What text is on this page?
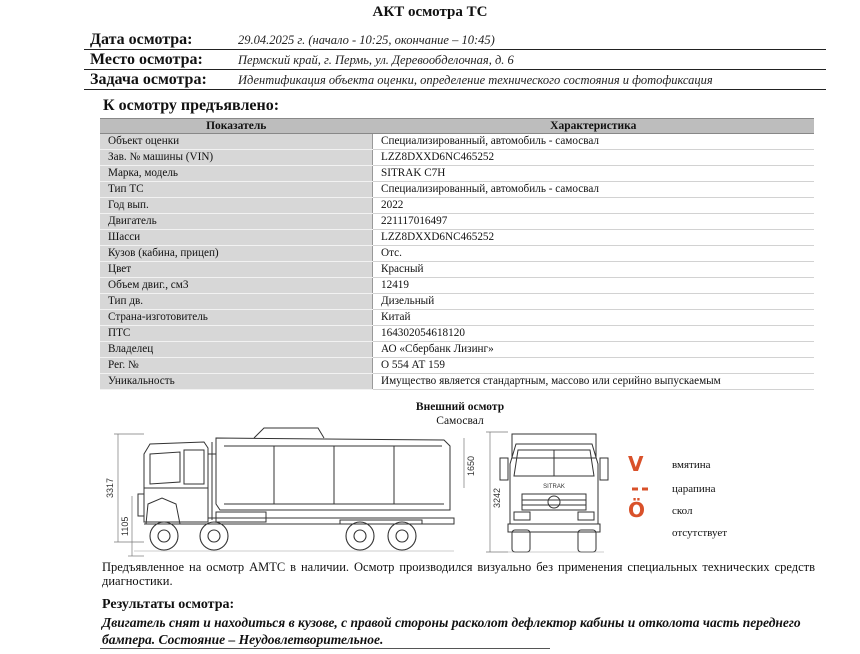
АКТ осмотра ТС
Дата осмотра:	29.04.2025 г. (начало - 10:25, окончание – 10:45)
Место осмотра:	Пермский край, г. Пермь, ул. Деревообделочная, д. 6
Задача осмотра: Идентификация объекта оценки, определение технического состояния и фотофиксация
К осмотру предъявлено:
Показатель	Характеристика
Объект оценки	Специализированный, автомобиль - самосвал
Зав. № машины (VIN)	LZZ8DXXD6NC465252
Марка, модель	SITRAK C7H
Тип ТС	Специализированный, автомобиль - самосвал
Год вып.	2022
Двигатель	221117016497
Шасси	LZZ8DXXD6NC465252
Кузов (кабина, прицеп)	Отс.
Цвет	Красный
Объем двиг., см3	12419
Тип дв.	Дизельный
Страна-изготовитель	Китай
ПТС	164302054618120
Владелец	АО «Сбербанк Лизинг»
Рег. №	О 554 АТ 159
Уникальность	Имущество является стандартным, массово или серийно выпускаемым
Внешний осмотр
Самосвал
3317
1105
1650
3242
SITRAK
V	вмятина
царапина
Ö	скол
отсутствует
Предъявленное на осмотр АМТС в наличии. Осмотр производился визуально без применения специальных технических средств диагностики.
Результаты осмотра:
Двигатель снят и находиться в кузове, с правой стороны расколот дефлектор кабины и отколота часть переднего бампера. Состояние – Неудовлетворительное.
